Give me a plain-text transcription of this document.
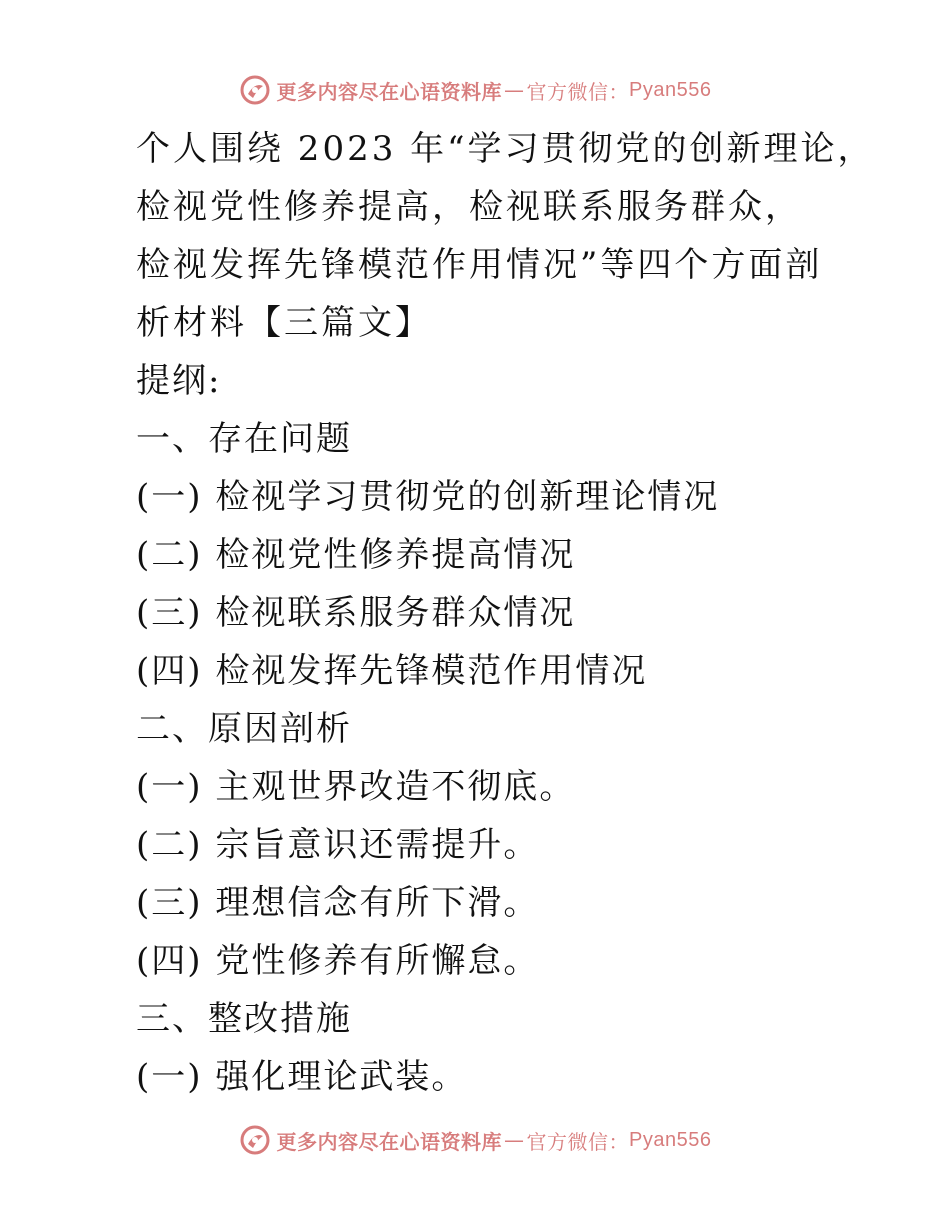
更多内容尽在心语资料库 — 官方微信： Pyan556
个人围绕 2023 年“学习贯彻党的创新理论，
检视党性修养提高，检视联系服务群众，
检视发挥先锋模范作用情况”等四个方面剖
析材料【三篇文】
提纲:
一、存在问题
(一) 检视学习贯彻党的创新理论情况
(二) 检视党性修养提高情况
(三) 检视联系服务群众情况
(四) 检视发挥先锋模范作用情况
二、原因剖析
(一) 主观世界改造不彻底。
(二) 宗旨意识还需提升。
(三) 理想信念有所下滑。
(四) 党性修养有所懈怠。
三、整改措施
(一) 强化理论武装。
更多内容尽在心语资料库 — 官方微信： Pyan556
